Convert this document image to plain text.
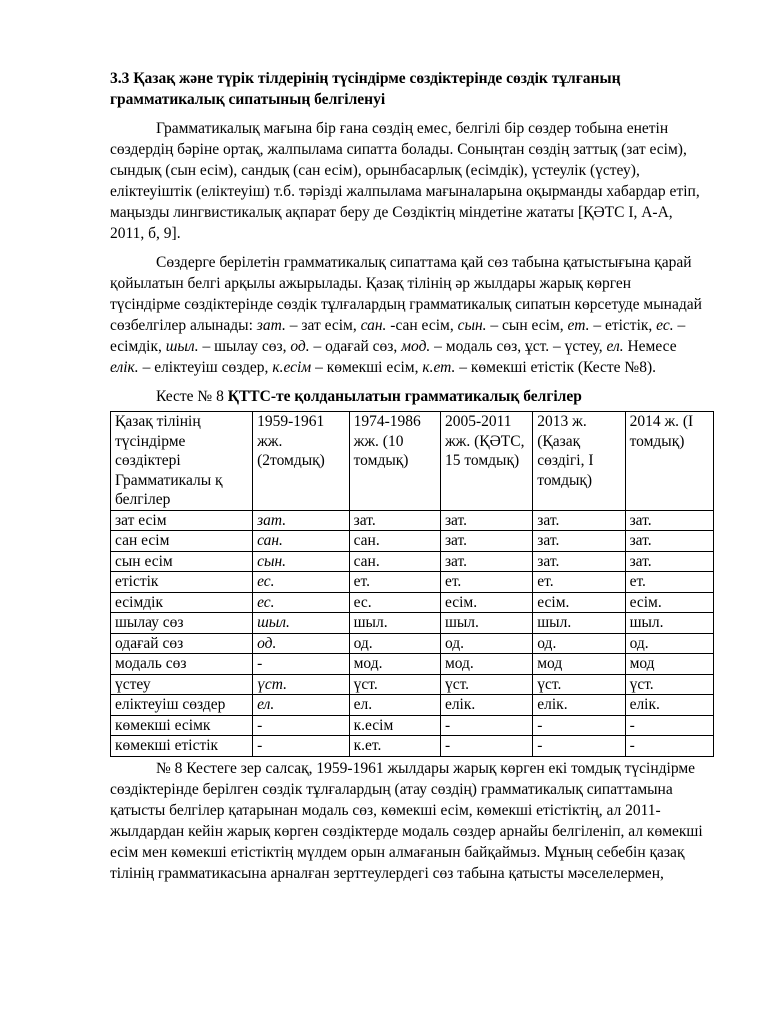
3.3 Қазақ және түрік тілдерінің түсіндірме сөздіктерінде сөздік тұлғаның грамматикалық сипатының белгіленуі

Грамматикалық мағына бір ғана сөздің емес, белгілі бір сөздер тобына енетін сөздердің бәріне ортақ, жалпылама сипатта болады. Соныңтан сөздің заттық (зат есім), сындық (сын есім), сандық (сан есім), орынбасарлық (есімдік), үстеулік (үстеу), еліктеуіштік (еліктеуіш) т.б. тәрізді жалпылама мағыналарына оқырманды хабардар етіп, маңызды лингвистикалық ақпарат беру де Сөздіктің міндетіне жататы [ҚӘТС І, А-А, 2011, б, 9].

Сөздерге берілетін грамматикалық сипаттама қай сөз табына қатыстығына қарай қойылатын белгі арқылы ажырылады. Қазақ тілінің әр жылдары жарық көрген түсіндірме сөздіктерінде сөздік тұлғалардың грамматикалық сипатын көрсетуде мынадай сөзбелгілер алынады: зат. – зат есім, сан. -сан есім, сын. – сын есім, ет. – етістік, ес. – есімдік, шыл. – шылау сөз, од. – одағай сөз, мод. – модаль сөз, ұст. – үстеу, ел. Немесе елік. – еліктеуіш сөздер, к.есім – көмекші есім, к.ет. – көмекші етістік (Кесте №8).

Кесте № 8 ҚТТС-те қолданылатын грамматикалық белгілер
Қазақ тілінің түсіндірме сөздіктері Грамматикалы қ белгілер	1959-1961 жж. (2томдық)	1974-1986 жж. (10 томдық)	2005-2011 жж. (ҚӘТС, 15 томдық)	2013 ж. (Қазақ сөздігі, І томдық)	2014 ж. (І томдық)
зат есім	зат.	зат.	зат.	зат.	зат.
сан есім	сан.	сан.	зат.	зат.	зат.
сын есім	сын.	сан.	зат.	зат.	зат.
етістік	ес.	ет.	ет.	ет.	ет.
есімдік	ес.	ес.	есім.	есім.	есім.
шылау сөз	шыл.	шыл.	шыл.	шыл.	шыл.
одағай сөз	од.	од.	од.	од.	од.
модаль сөз	-	мод.	мод.	мод	мод
үстеу	үст.	үст.	үст.	үст.	үст.
еліктеуіш сөздер	ел.	ел.	елік.	елік.	елік.
көмекші есімк	-	к.есім	-	-	-
көмекші етістік	-	к.ет.	-	-	-

№ 8 Кестеге зер салсақ, 1959-1961 жылдары жарық көрген екі томдық түсіндірме сөздіктерінде берілген сөздік тұлғалардың (атау сөздің) грамматикалық сипаттамына қатысты белгілер қатарынан модаль сөз, көмекші есім, көмекші етістіктің, ал 2011-жылдардан кейін жарық көрген сөздіктерде модаль сөздер арнайы белгіленіп, ал көмекші есім мен көмекші етістіктің мүлдем орын алмағанын байқаймыз. Мұның себебін қазақ тілінің грамматикасына арналған зерттеулердегі сөз табына қатысты мәселелермен,
